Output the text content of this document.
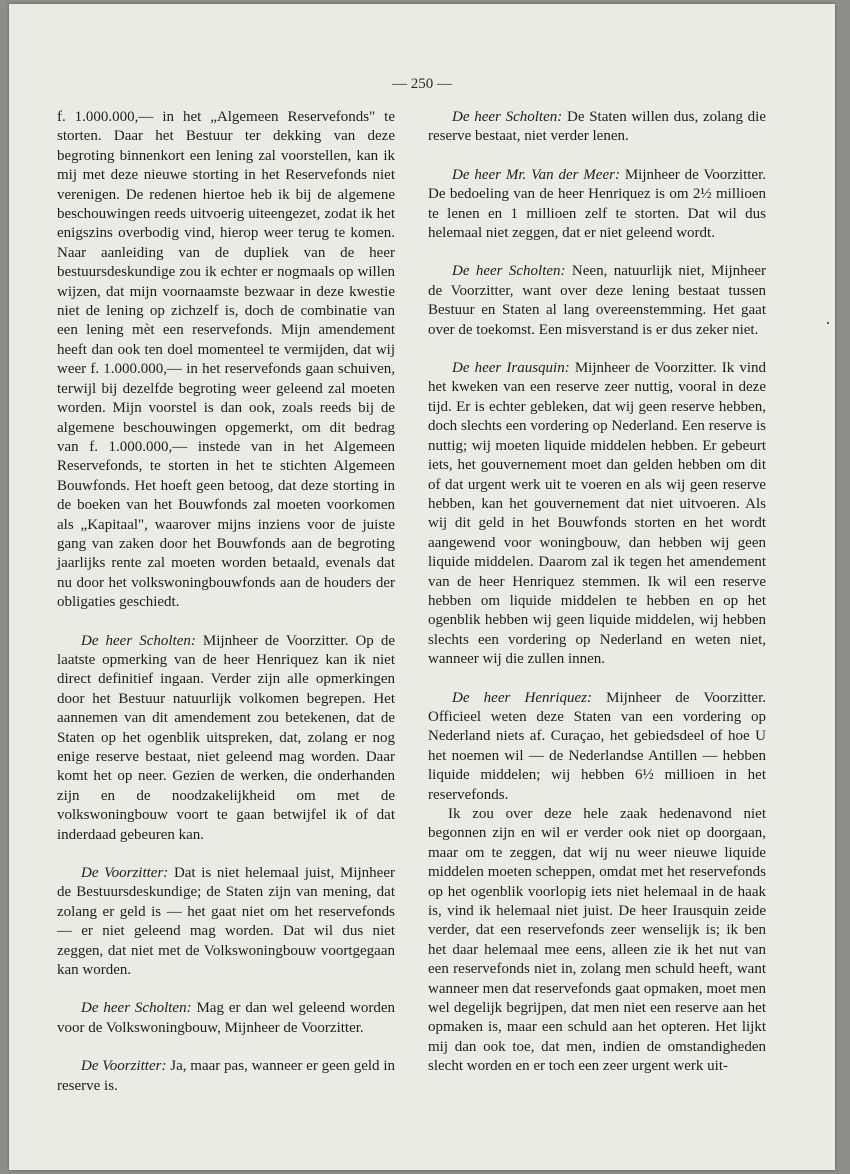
— 250 —

f. 1.000.000,— in het „Algemeen Reservefonds" te storten. Daar het Bestuur ter dekking van deze begroting binnenkort een lening zal voorstellen, kan ik mij met deze nieuwe storting in het Reservefonds niet verenigen. De redenen hiertoe heb ik bij de algemene beschouwingen reeds uitvoerig uiteengezet, zodat ik het enigszins overbodig vind, hierop weer terug te komen. Naar aanleiding van de dupliek van de heer bestuursdeskundige zou ik echter er nogmaals op willen wijzen, dat mijn voornaamste bezwaar in deze kwestie niet de lening op zichzelf is, doch de combinatie van een lening mèt een reservefonds. Mijn amendement heeft dan ook ten doel momenteel te vermijden, dat wij weer f. 1.000.000,— in het reservefonds gaan schuiven, terwijl bij dezelfde begroting weer geleend zal moeten worden. Mijn voorstel is dan ook, zoals reeds bij de algemene beschouwingen opgemerkt, om dit bedrag van f. 1.000.000,— instede van in het Algemeen Reservefonds, te storten in het te stichten Algemeen Bouwfonds. Het hoeft geen betoog, dat deze storting in de boeken van het Bouwfonds zal moeten voorkomen als „Kapitaal", waarover mijns inziens voor de juiste gang van zaken door het Bouwfonds aan de begroting jaarlijks rente zal moeten worden betaald, evenals dat nu door het volkswoningbouwfonds aan de houders der obligaties geschiedt.

De heer Scholten: Mijnheer de Voorzitter. Op de laatste opmerking van de heer Henriquez kan ik niet direct definitief ingaan. Verder zijn alle opmerkingen door het Bestuur natuurlijk volkomen begrepen. Het aannemen van dit amendement zou betekenen, dat de Staten op het ogenblik uitspreken, dat, zolang er nog enige reserve bestaat, niet geleend mag worden. Daar komt het op neer. Gezien de werken, die onderhanden zijn en de noodzakelijkheid om met de volkswoningbouw voort te gaan betwijfel ik of dat inderdaad gebeuren kan.

De Voorzitter: Dat is niet helemaal juist, Mijnheer de Bestuursdeskundige; de Staten zijn van mening, dat zolang er geld is — het gaat niet om het reservefonds — er niet geleend mag worden. Dat wil dus niet zeggen, dat niet met de Volkswoningbouw voortgegaan kan worden.

De heer Scholten: Mag er dan wel geleend worden voor de Volkswoningbouw, Mijnheer de Voorzitter.

De Voorzitter: Ja, maar pas, wanneer er geen geld in reserve is.

De heer Scholten: De Staten willen dus, zolang die reserve bestaat, niet verder lenen.

De heer Mr. Van der Meer: Mijnheer de Voorzitter. De bedoeling van de heer Henriquez is om 2½ millioen te lenen en 1 millioen zelf te storten. Dat wil dus helemaal niet zeggen, dat er niet geleend wordt.

De heer Scholten: Neen, natuurlijk niet, Mijnheer de Voorzitter, want over deze lening bestaat tussen Bestuur en Staten al lang overeenstemming. Het gaat over de toekomst. Een misverstand is er dus zeker niet.

De heer Irausquin: Mijnheer de Voorzitter. Ik vind het kweken van een reserve zeer nuttig, vooral in deze tijd. Er is echter gebleken, dat wij geen reserve hebben, doch slechts een vordering op Nederland. Een reserve is nuttig; wij moeten liquide middelen hebben. Er gebeurt iets, het gouvernement moet dan gelden hebben om dit of dat urgent werk uit te voeren en als wij geen reserve hebben, kan het gouvernement dat niet uitvoeren. Als wij dit geld in het Bouwfonds storten en het wordt aangewend voor woningbouw, dan hebben wij geen liquide middelen. Daarom zal ik tegen het amendement van de heer Henriquez stemmen. Ik wil een reserve hebben om liquide middelen te hebben en op het ogenblik hebben wij geen liquide middelen, wij hebben slechts een vordering op Nederland en weten niet, wanneer wij die zullen innen.

De heer Henriquez: Mijnheer de Voorzitter. Officieel weten deze Staten van een vordering op Nederland niets af. Curaçao, het gebiedsdeel of hoe U het noemen wil — de Nederlandse Antillen — hebben liquide middelen; wij hebben 6½ millioen in het reservefonds.

Ik zou over deze hele zaak hedenavond niet begonnen zijn en wil er verder ook niet op doorgaan, maar om te zeggen, dat wij nu weer nieuwe liquide middelen moeten scheppen, omdat met het reservefonds op het ogenblik voorlopig iets niet helemaal in de haak is, vind ik helemaal niet juist. De heer Irausquin zeide verder, dat een reservefonds zeer wenselijk is; ik ben het daar helemaal mee eens, alleen zie ik het nut van een reservefonds niet in, zolang men schuld heeft, want wanneer men dat reservefonds gaat opmaken, moet men wel degelijk begrijpen, dat men niet een reserve aan het opmaken is, maar een schuld aan het opteren. Het lijkt mij dan ook toe, dat men, indien de omstandigheden slecht worden en er toch een zeer urgent werk uit-
